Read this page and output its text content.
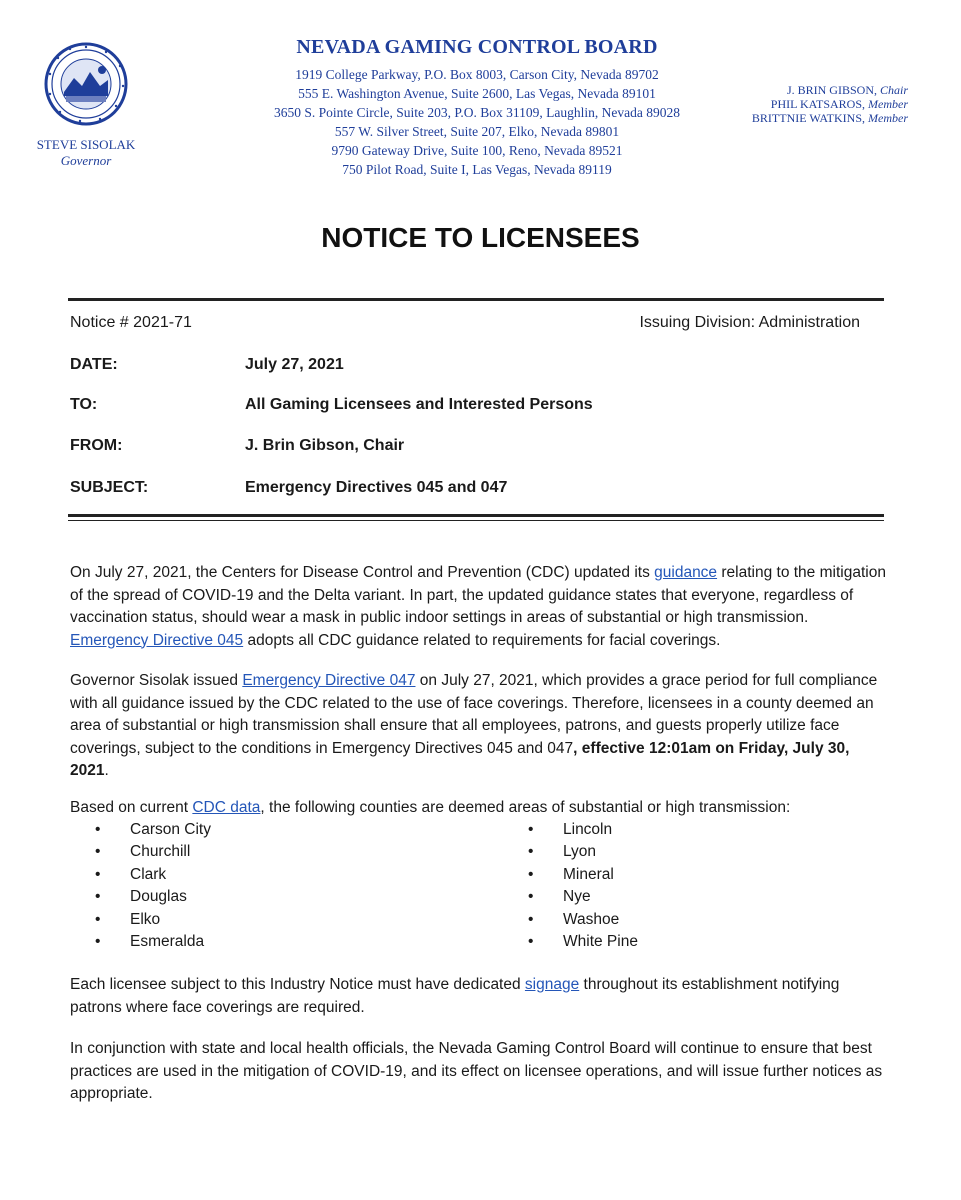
STEVE SISOLAK
Governor
NEVADA GAMING CONTROL BOARD
1919 College Parkway, P.O. Box 8003, Carson City, Nevada 89702
555 E. Washington Avenue, Suite 2600, Las Vegas, Nevada 89101
3650 S. Pointe Circle, Suite 203, P.O. Box 31109, Laughlin, Nevada 89028
557 W. Silver Street, Suite 207, Elko, Nevada 89801
9790 Gateway Drive, Suite 100, Reno, Nevada 89521
750 Pilot Road, Suite I, Las Vegas, Nevada 89119
J. BRIN GIBSON, Chair
PHIL KATSAROS, Member
BRITTNIE WATKINS, Member
NOTICE TO LICENSEES
Notice # 2021-71	Issuing Division: Administration
DATE:	July 27, 2021
TO:	All Gaming Licensees and Interested Persons
FROM:	J. Brin Gibson, Chair
SUBJECT:	Emergency Directives 045 and 047
On July 27, 2021, the Centers for Disease Control and Prevention (CDC) updated its guidance relating to the mitigation of the spread of COVID-19 and the Delta variant. In part, the updated guidance states that everyone, regardless of vaccination status, should wear a mask in public indoor settings in areas of substantial or high transmission. Emergency Directive 045 adopts all CDC guidance related to requirements for facial coverings.
Governor Sisolak issued Emergency Directive 047 on July 27, 2021, which provides a grace period for full compliance with all guidance issued by the CDC related to the use of face coverings. Therefore, licensees in a county deemed an area of substantial or high transmission shall ensure that all employees, patrons, and guests properly utilize face coverings, subject to the conditions in Emergency Directives 045 and 047, effective 12:01am on Friday, July 30, 2021.
Based on current CDC data, the following counties are deemed areas of substantial or high transmission:
• Carson City
• Churchill
• Clark
• Douglas
• Elko
• Esmeralda
• Lincoln
• Lyon
• Mineral
• Nye
• Washoe
• White Pine
Each licensee subject to this Industry Notice must have dedicated signage throughout its establishment notifying patrons where face coverings are required.
In conjunction with state and local health officials, the Nevada Gaming Control Board will continue to ensure that best practices are used in the mitigation of COVID-19, and its effect on licensee operations, and will issue further notices as appropriate.
